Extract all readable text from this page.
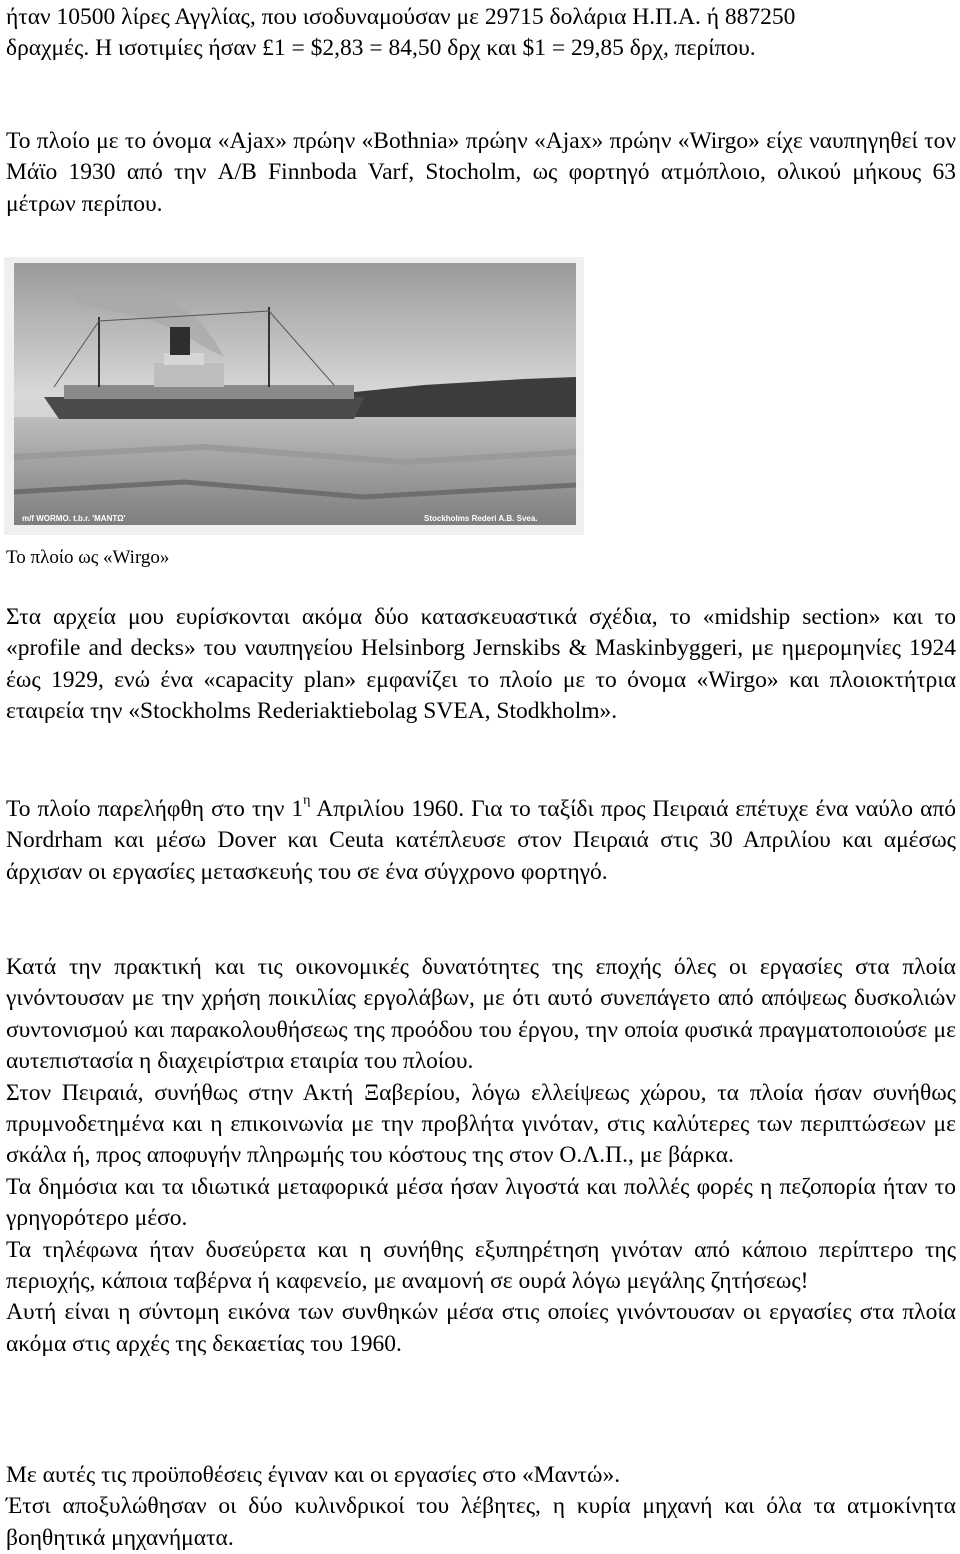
ήταν 10500 λίρες Αγγλίας, που ισοδυναμούσαν με 29715 δολάρια Η.Π.Α. ή 887250

δραχμές. Η ισοτιμίες ήσαν £1 = $2,83 = 84,50 δρχ και $1 = 29,85 δρχ, περίπου.

Το πλοίο με το όνομα «Ajax» πρώην «Bothnia» πρώην «Ajax» πρώην «Wirgo» είχε ναυπηγηθεί τον Μάϊο 1930 από την A/B Finnboda Varf, Stocholm, ως φορτηγό ατμόπλοιο, ολικού μήκους 63 μέτρων περίπου.

m/f WORMO. t.b.r. 'ΜΑΝΤΩ'	Stockholms Rederi A.B. Svea.
Το πλοίο ως «Wirgo»

Στα αρχεία μου ευρίσκονται ακόμα δύο κατασκευαστικά σχέδια, το «midship section» και το «profile and decks» του ναυπηγείου Helsinborg Jernskibs & Maskinbyggeri, με ημερομηνίες 1924 έως 1929, ενώ ένα «capacity plan» εμφανίζει το πλοίο με το όνομα «Wirgo» και πλοιοκτήτρια εταιρεία την «Stockholms Rederiaktiebolag SVEA, Stodkholm».

Το πλοίο παρελήφθη στο την $1^\eta$ Απριλίου 1960. Για το ταξίδι προς Πειραιά επέτυχε ένα ναύλο από Nordrham και μέσω Dover και Ceuta κατέπλευσε στον Πειραιά στις 30 Απριλίου και αμέσως άρχισαν οι εργασίες μετασκευής του σε ένα σύγχρονο φορτηγό.

Κατά την πρακτική και τις οικονομικές δυνατότητες της εποχής όλες οι εργασίες στα πλοία γινόντουσαν με την χρήση ποικιλίας εργολάβων, με ότι αυτό συνεπάγετο από απόψεως δυσκολιών συντονισμού και παρακολουθήσεως της προόδου του έργου, την οποία φυσικά πραγματοποιούσε με αυτεπιστασία η διαχειρίστρια εταιρία του πλοίου.

Στον Πειραιά, συνήθως στην Ακτή Ξαβερίου, λόγω ελλείψεως χώρου, τα πλοία ήσαν συνήθως πρυμνοδετημένα και η επικοινωνία με την προβλήτα γινόταν, στις καλύτερες των περιπτώσεων με σκάλα ή, προς αποφυγήν πληρωμής του κόστους της στον Ο.Λ.Π., με βάρκα.

Τα δημόσια και τα ιδιωτικά μεταφορικά μέσα ήσαν λιγοστά και πολλές φορές η πεζοπορία ήταν το γρηγορότερο μέσο.

Τα τηλέφωνα ήταν δυσεύρετα και η συνήθης εξυπηρέτηση γινόταν από κάποιο περίπτερο της περιοχής, κάποια ταβέρνα ή καφενείο, με αναμονή σε ουρά λόγω μεγάλης ζητήσεως!

Αυτή είναι η σύντομη εικόνα των συνθηκών μέσα στις οποίες γινόντουσαν οι εργασίες στα πλοία ακόμα στις αρχές της δεκαετίας του 1960.

Με αυτές τις προϋποθέσεις έγιναν και οι εργασίες στο «Μαντώ».

Έτσι αποξυλώθησαν οι δύο κυλινδρικοί του λέβητες, η κυρία μηχανή και όλα τα ατμοκίνητα βοηθητικά μηχανήματα.
